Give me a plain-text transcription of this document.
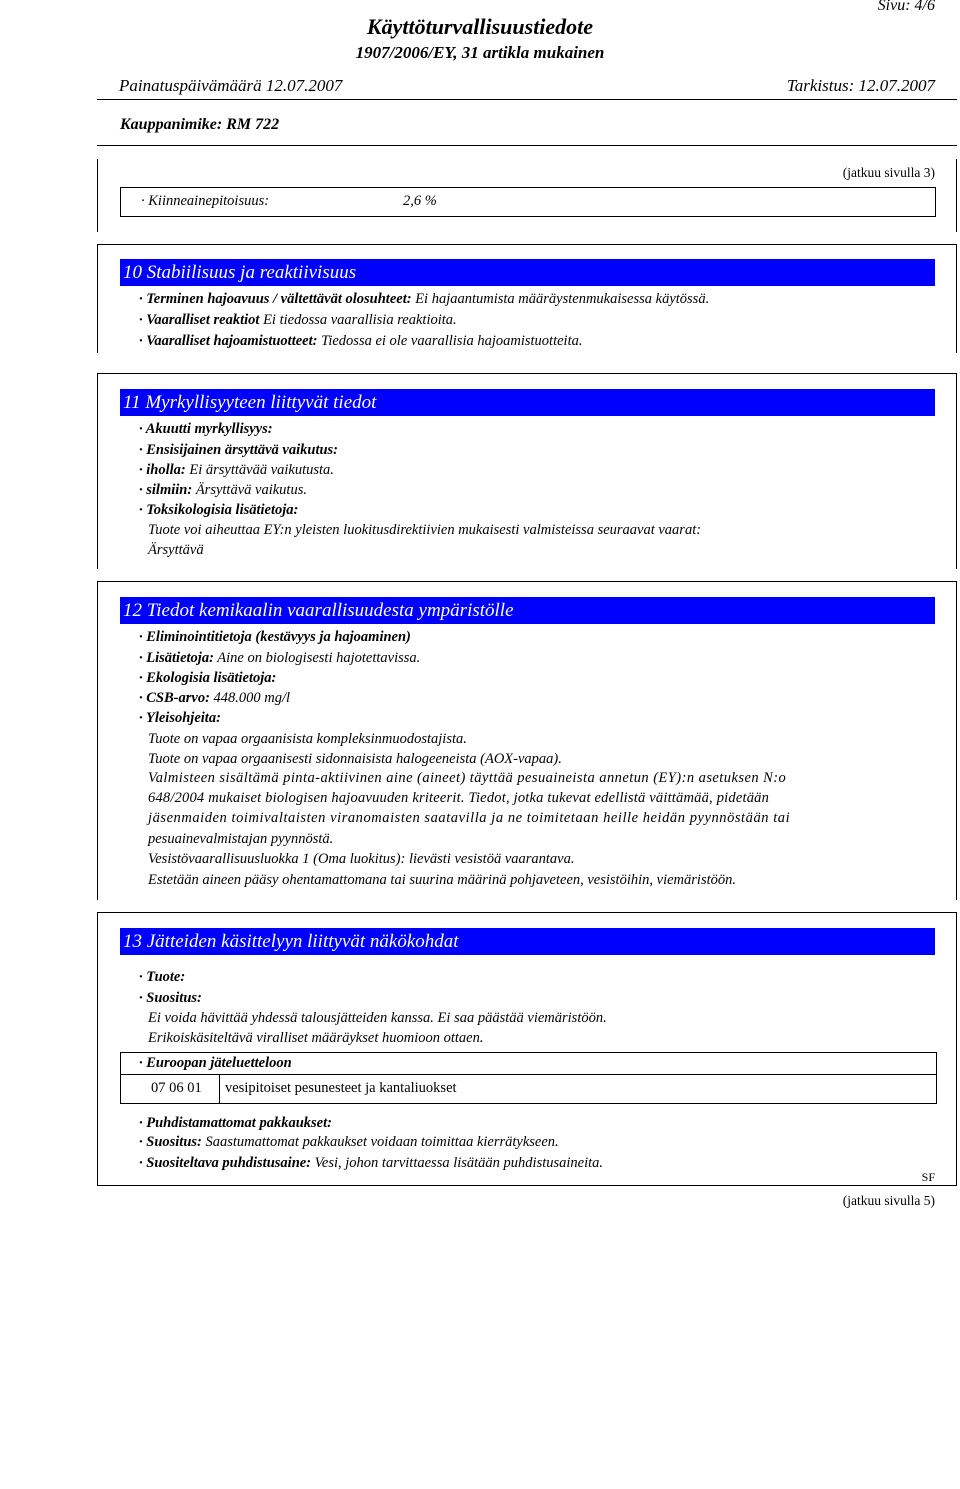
Sivu: 4/6
Käyttöturvallisuustiedote
1907/2006/EY, 31 artikla mukainen
Painatuspäivämäärä 12.07.2007	Tarkistus: 12.07.2007
Kauppanimike: RM 722
(jatkuu sivulla 3)
· Kiinneainepitoisuus:	2,6 %
10 Stabiilisuus ja reaktiivisuus
· Terminen hajoavuus / vältettävät olosuhteet: Ei hajaantumista määräystenmukaisessa käytössä.
· Vaaralliset reaktiot Ei tiedossa vaarallisia reaktioita.
· Vaaralliset hajoamistuotteet: Tiedossa ei ole vaarallisia hajoamistuotteita.
11 Myrkyllisyyteen liittyvät tiedot
· Akuutti myrkyllisyys:
· Ensisijainen ärsyttävä vaikutus:
· iholla: Ei ärsyttävää vaikutusta.
· silmiin: Ärsyttävä vaikutus.
· Toksikologisia lisätietoja:
Tuote voi aiheuttaa EY:n yleisten luokitusdirektiivien mukaisesti valmisteissa seuraavat vaarat:
Ärsyttävä
12 Tiedot kemikaalin vaarallisuudesta ympäristölle
· Eliminointitietoja (kestävyys ja hajoaminen)
· Lisätietoja: Aine on biologisesti hajotettavissa.
· Ekologisia lisätietoja:
· CSB-arvo: 448.000 mg/l
· Yleisohjeita:
Tuote on vapaa orgaanisista kompleksinmuodostajista.
Tuote on vapaa orgaanisesti sidonnaisista halogeeneista (AOX-vapaa).
Valmisteen sisältämä pinta-aktiivinen aine (aineet) täyttää pesuaineista annetun (EY):n asetuksen N:o
648/2004 mukaiset biologisen hajoavuuden kriteerit. Tiedot, jotka tukevat edellistä väittämää, pidetään
jäsenmaiden toimivaltaisten viranomaisten saatavilla ja ne toimitetaan heille heidän pyynnöstään tai
pesuainevalmistajan pyynnöstä.
Vesistövaarallisuusluokka 1 (Oma luokitus): lievästi vesistöä vaarantava.
Estetään aineen pääsy ohentamattomana tai suurina määrinä pohjaveteen, vesistöihin, viemäristöön.
13 Jätteiden käsittelyyn liittyvät näkökohdat
· Tuote:
· Suositus:
Ei voida hävittää yhdessä talousjätteiden kanssa. Ei saa päästää viemäristöön.
Erikoiskäsiteltävä viralliset määräykset huomioon ottaen.
· Euroopan jäteluetteloon
07 06 01 vesipitoiset pesunesteet ja kantaliuokset
· Puhdistamattomat pakkaukset:
· Suositus: Saastumattomat pakkaukset voidaan toimittaa kierrätykseen.
· Suositeltava puhdistusaine: Vesi, johon tarvittaessa lisätään puhdistusaineita.
SF
(jatkuu sivulla 5)
